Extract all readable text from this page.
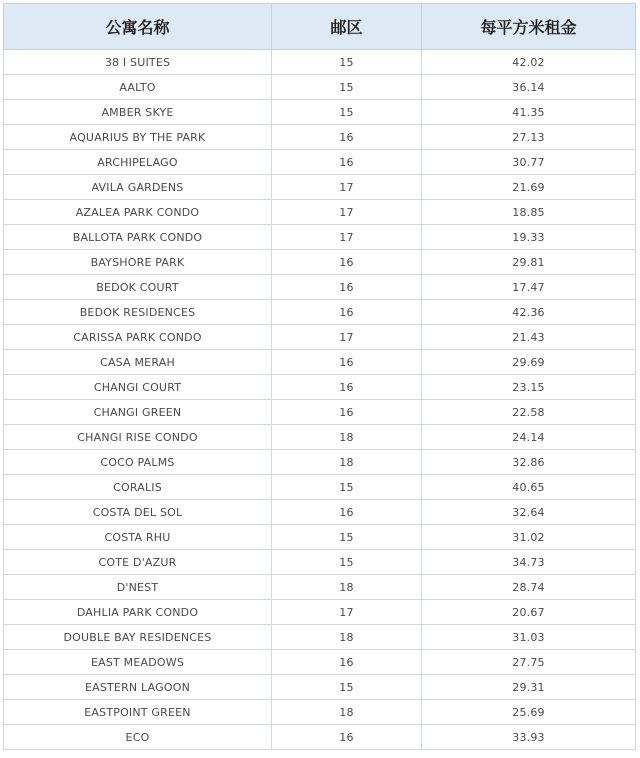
公寓名称	邮区	每平方米租金
38 I SUITES	15	42.02
AALTO	15	36.14
AMBER SKYE	15	41.35
AQUARIUS BY THE PARK	16	27.13
ARCHIPELAGO	16	30.77
AVILA GARDENS	17	21.69
AZALEA PARK CONDO	17	18.85
BALLOTA PARK CONDO	17	19.33
BAYSHORE PARK	16	29.81
BEDOK COURT	16	17.47
BEDOK RESIDENCES	16	42.36
CARISSA PARK CONDO	17	21.43
CASA MERAH	16	29.69
CHANGI COURT	16	23.15
CHANGI GREEN	16	22.58
CHANGI RISE CONDO	18	24.14
COCO PALMS	18	32.86
CORALIS	15	40.65
COSTA DEL SOL	16	32.64
COSTA RHU	15	31.02
COTE D'AZUR	15	34.73
D'NEST	18	28.74
DAHLIA PARK CONDO	17	20.67
DOUBLE BAY RESIDENCES	18	31.03
EAST MEADOWS	16	27.75
EASTERN LAGOON	15	29.31
EASTPOINT GREEN	18	25.69
ECO	16	33.93
